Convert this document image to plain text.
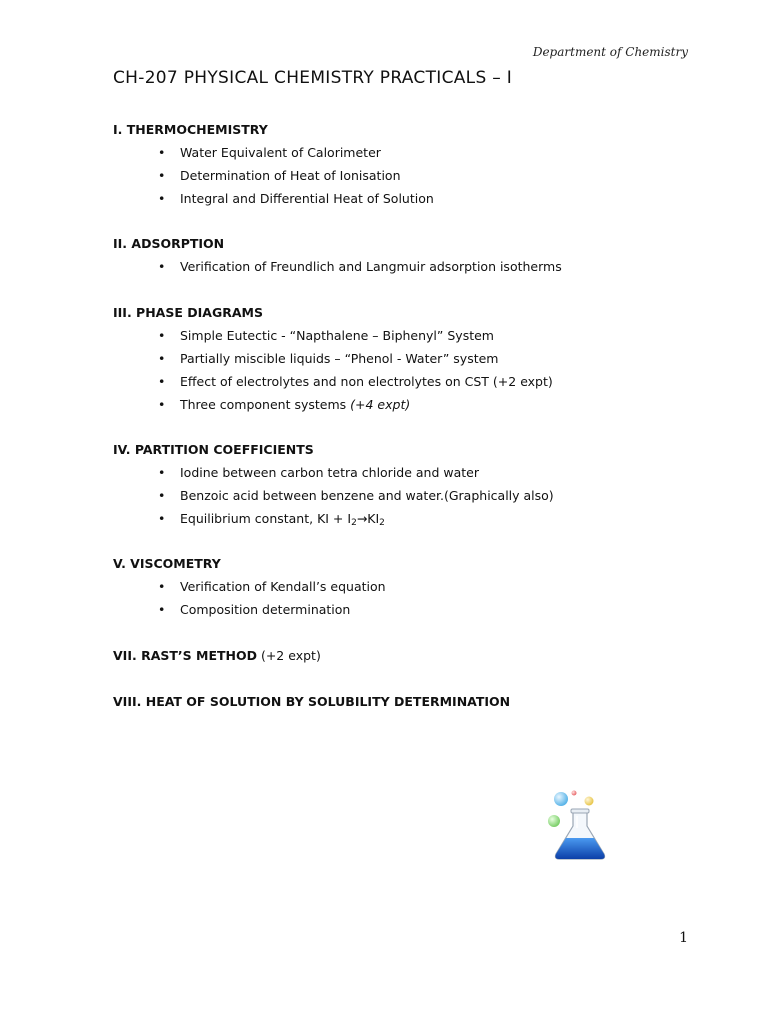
Department of Chemistry
CH-207 PHYSICAL CHEMISTRY PRACTICALS – I
I. THERMOCHEMISTRY
• Water Equivalent of Calorimeter
• Determination of Heat of Ionisation
• Integral and Differential Heat of Solution
II. ADSORPTION
• Verification of Freundlich and Langmuir adsorption isotherms
III. PHASE DIAGRAMS
• Simple Eutectic - “Napthalene – Biphenyl” System
• Partially miscible liquids – “Phenol - Water” system
• Effect of electrolytes and non electrolytes on CST (+2 expt)
• Three component systems (+4 expt)
IV. PARTITION COEFFICIENTS
• Iodine between carbon tetra chloride and water
• Benzoic acid between benzene and water.(Graphically also)
• Equilibrium constant, KI + $I_2\to KI_2$
V. VISCOMETRY
• Verification of Kendall’s equation
• Composition determination
VII. RAST’S METHOD (+2 expt)
VIII. HEAT OF SOLUTION BY SOLUBILITY DETERMINATION
1
